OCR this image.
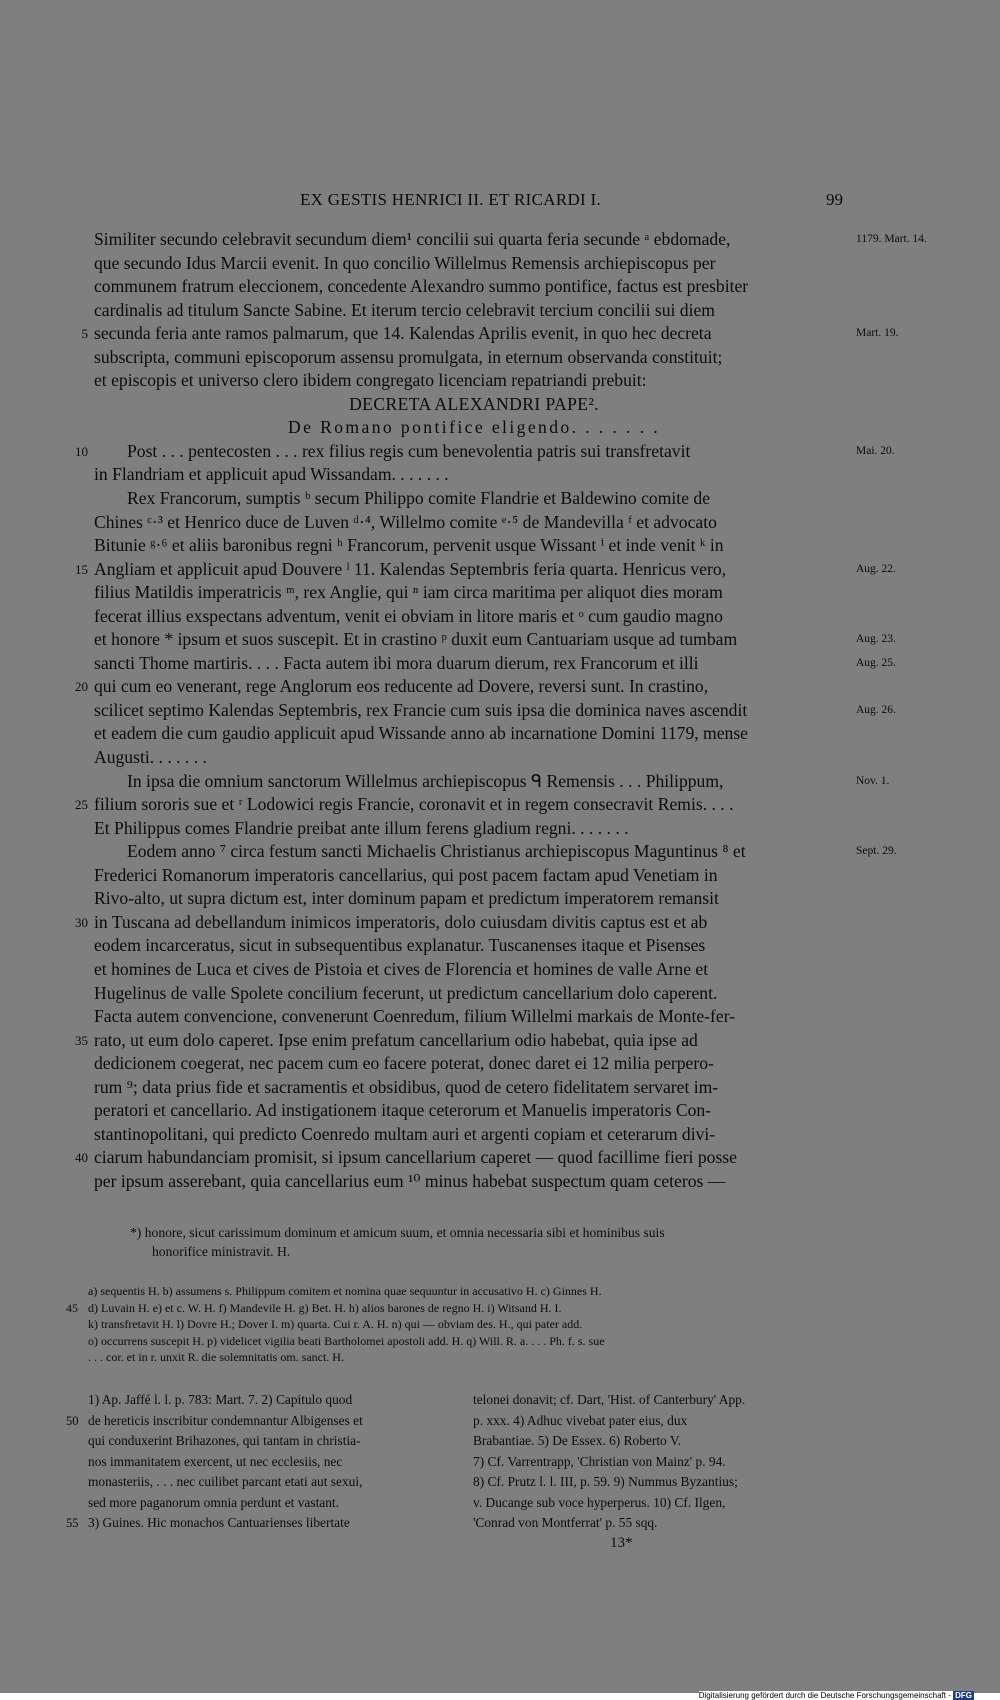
EX GESTIS HENRICI II. ET RICARDI I.	99
Similiter secundo celebravit secundum diem¹ concilii sui quarta feria secunde ᵃ ebdomade,	1179. Mart. 14.
que secundo Idus Marcii evenit. In quo concilio Willelmus Remensis archiepiscopus per
communem fratrum eleccionem, concedente Alexandro summo pontifice, factus est presbiter
cardinalis ad titulum Sancte Sabine. Et iterum tercio celebravit tercium concilii sui diem
secunda feria ante ramos palmarum, que 14. Kalendas Aprilis evenit, in quo hec decreta
5	Mart. 19.
subscripta, communi episcoporum assensu promulgata, in eternum observanda constituit;
et episcopis et universo clero ibidem congregato licenciam repatriandi prebuit:
DECRETA ALEXANDRI PAPE².
De Romano pontifice eligendo. . . . . . .
Post . . . pentecosten . . . rex filius regis cum benevolentia patris sui transfretavit
10	Mai. 20.
in Flandriam et applicuit apud Wissandam. . . . . . .
Rex Francorum, sumptis ᵇ secum Philippo comite Flandrie et Baldewino comite de
Chines ᶜ·³ et Henrico duce de Luven ᵈ·⁴, Willelmo comite ᵉ·⁵ de Mandevilla ᶠ et advocato
Bitunie ᵍ·⁶ et aliis baronibus regni ʰ Francorum, pervenit usque Wissant ⁱ et inde venit ᵏ in
Angliam et applicuit apud Douvere ˡ 11. Kalendas Septembris feria quarta. Henricus vero,
15	Aug. 22.
filius Matildis imperatricis ᵐ, rex Anglie, qui ⁿ iam circa maritima per aliquot dies moram
fecerat illius exspectans adventum, venit ei obviam in litore maris et ᵒ cum gaudio magno
et honore * ipsum et suos suscepit. Et in crastino ᵖ duxit eum Cantuariam usque ad tumbam	Aug. 23.
sancti Thome martiris. . . . Facta autem ibi mora duarum dierum, rex Francorum et illi	Aug. 25.
qui cum eo venerant, rege Anglorum eos reducente ad Dovere, reversi sunt. In crastino,
20
scilicet septimo Kalendas Septembris, rex Francie cum suis ipsa die dominica naves ascendit	Aug. 26.
et eadem die cum gaudio applicuit apud Wissande anno ab incarnatione Domini 1179, mense
Augusti. . . . . . .
In ipsa die omnium sanctorum Willelmus archiepiscopus ᑫ Remensis . . . Philippum,	Nov. 1.
filium sororis sue et ʳ Lodowici regis Francie, coronavit et in regem consecravit Remis. . . .
25
Et Philippus comes Flandrie preibat ante illum ferens gladium regni. . . . . . .
Eodem anno ⁷ circa festum sancti Michaelis Christianus archiepiscopus Maguntinus ⁸ et	Sept. 29.
Frederici Romanorum imperatoris cancellarius, qui post pacem factam apud Venetiam in
Rivo-alto, ut supra dictum est, inter dominum papam et predictum imperatorem remansit
in Tuscana ad debellandum inimicos imperatoris, dolo cuiusdam divitis captus est et ab
30
eodem incarceratus, sicut in subsequentibus explanatur. Tuscanenses itaque et Pisenses
et homines de Luca et cives de Pistoia et cives de Florencia et homines de valle Arne et
Hugelinus de valle Spolete concilium fecerunt, ut predictum cancellarium dolo caperent.
Facta autem convencione, convenerunt Coenredum, filium Willelmi markais de Monte-fer-
rato, ut eum dolo caperet. Ipse enim prefatum cancellarium odio habebat, quia ipse ad
35
dedicionem coegerat, nec pacem cum eo facere poterat, donec daret ei 12 milia perpero-
rum ⁹; data prius fide et sacramentis et obsidibus, quod de cetero fidelitatem servaret im-
peratori et cancellario. Ad instigationem itaque ceterorum et Manuelis imperatoris Con-
stantinopolitani, qui predicto Coenredo multam auri et argenti copiam et ceterarum divi-
ciarum habundanciam promisit, si ipsum cancellarium caperet — quod facillime fieri posse
40
per ipsum asserebant, quia cancellarius eum ¹⁰ minus habebat suspectum quam ceteros —
*) honore, sicut carissimum dominum et amicum suum, et omnia necessaria sibi et hominibus suis
honorifice ministravit. H.
a) sequentis H. b) assumens s. Philippum comitem et nomina quae sequuntur in accusativo H. c) Ginnes H.
d) Luvain H. e) et c. W. H. f) Mandevile H. g) Bet. H. h) alios barones de regno H. i) Witsand H. I.
45
k) transfretavit H. l) Dovre H.; Dover I. m) quarta. Cui r. A. H. n) qui — obviam des. H., qui pater add.
o) occurrens suscepit H. p) videlicet vigilia beati Bartholomei apostoli add. H. q) Will. R. a. . . . Ph. f. s. sue
. . . cor. et in r. unxit R. die solemnitatis om. sanct. H.
1) Ap. Jaffé l. l. p. 783: Mart. 7. 2) Capitulo quod
de hereticis inscribitur condemnantur Albigenses et
50
qui conduxerint Brihazones, qui tantam in christia-
nos immanitatem exercent, ut nec ecclesiis, nec
monasteriis, . . . nec cuilibet parcant etati aut sexui,
sed more paganorum omnia perdunt et vastant.
3) Guines. Hic monachos Cantuarienses libertate
55
telonei donavit; cf. Dart, 'Hist. of Canterbury' App.
p. xxx. 4) Adhuc vivebat pater eius, dux
Brabantiae. 5) De Essex. 6) Roberto V.
7) Cf. Varrentrapp, 'Christian von Mainz' p. 94.
8) Cf. Prutz l. l. III, p. 59. 9) Nummus Byzantius;
v. Ducange sub voce hyperperus. 10) Cf. Ilgen,
'Conrad von Montferrat' p. 55 sqq.
13*
Digitalisierung gefördert durch die Deutsche Forschungsgemeinschaft - DFG
